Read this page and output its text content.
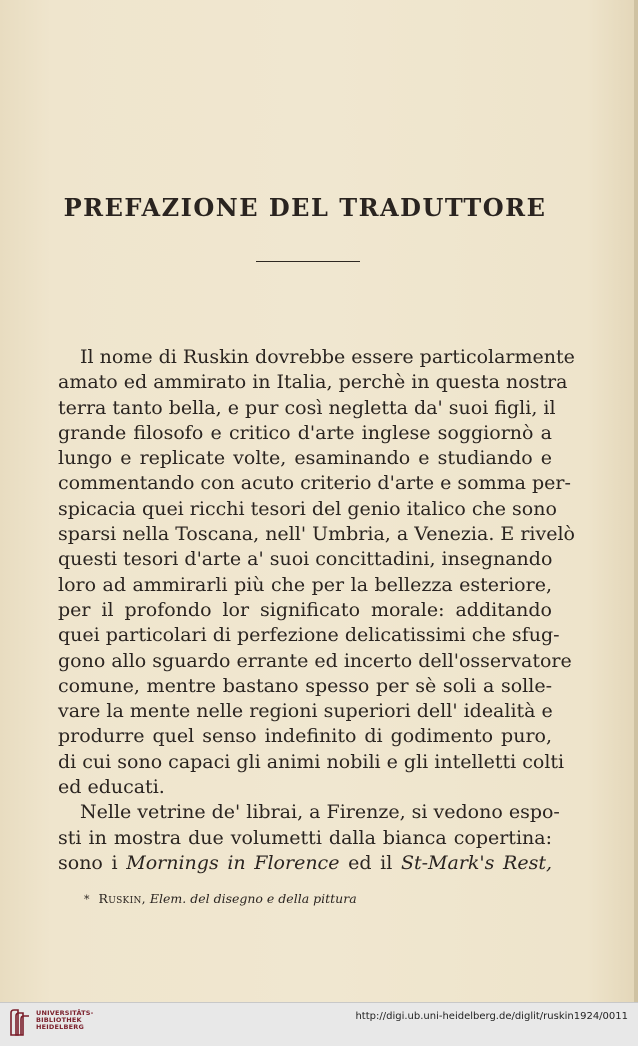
PREFAZIONE DEL TRADUTTORE
Il nome di Ruskin dovrebbe essere particolarmente
amato ed ammirato in Italia, perchè in questa nostra
terra tanto bella, e pur così negletta da' suoi figli, il
grande filosofo e critico d'arte inglese soggiornò a
lungo e replicate volte, esaminando e studiando e
commentando con acuto criterio d'arte e somma per-
spicacia quei ricchi tesori del genio italico che sono
sparsi nella Toscana, nell' Umbria, a Venezia. E rivelò
questi tesori d'arte a' suoi concittadini, insegnando
loro ad ammirarli più che per la bellezza esteriore,
per il profondo lor significato morale: additando
quei particolari di perfezione delicatissimi che sfug-
gono allo sguardo errante ed incerto dell'osservatore
comune, mentre bastano spesso per sè soli a solle-
vare la mente nelle regioni superiori dell' idealità e
produrre quel senso indefinito di godimento puro,
di cui sono capaci gli animi nobili e gli intelletti colti
ed educati.
Nelle vetrine de' librai, a Firenze, si vedono espo-
sti in mostra due volumetti dalla bianca copertina:
sono i Mornings in Florence ed il St-Mark's Rest,
* Ruskin, Elem. del disegno e della pittura
UNIVERSITÄTS-
BIBLIOTHEK
HEIDELBERG
http://digi.ub.uni-heidelberg.de/diglit/ruskin1924/0011
